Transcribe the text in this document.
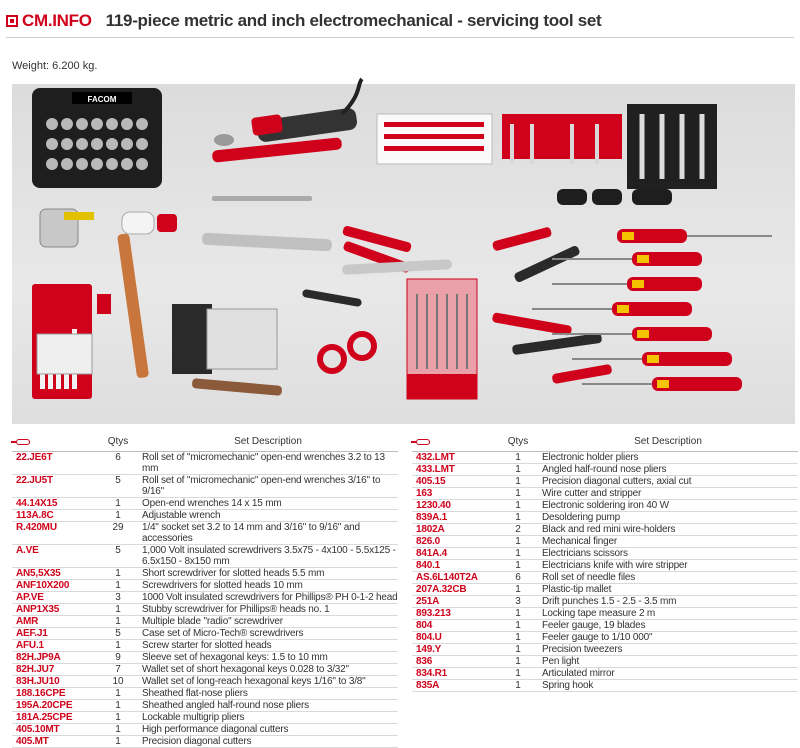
CM.INFO 119-piece metric and inch electromechanical - servicing tool set
Weight: 6.200 kg.
FACOM
Qtys	Set Description
22.JE6T	6	Roll set of "micromechanic" open-end wrenches 3.2 to 13 mm
22.JU5T	5	Roll set of "micromechanic" open-end wrenches 3/16" to 9/16"
44.14X15	1	Open-end wrenches 14 x 15 mm
113A.8C	1	Adjustable wrench
R.420MU	29	1/4" socket set 3.2 to 14 mm and 3/16" to 9/16" and accessories
A.VE	5	1,000 Volt insulated screwdrivers 3.5x75 - 4x100 - 5.5x125 - 6.5x150 - 8x150 mm
AN5,5X35	1	Short screwdriver for slotted heads 5.5 mm
ANF10X200	1	Screwdrivers for slotted heads 10 mm
AP.VE	3	1000 Volt insulated screwdrivers for Phillips® PH 0-1-2 head
ANP1X35	1	Stubby screwdriver for Phillips® heads no. 1
AMR	1	Multiple blade "radio" screwdriver
AEF.J1	5	Case set of Micro-Tech® screwdrivers
AFU.1	1	Screw starter for slotted heads
82H.JP9A	9	Sleeve set of hexagonal keys: 1.5 to 10 mm
82H.JU7	7	Wallet set of short hexagonal keys 0.028 to 3/32"
83H.JU10	10	Wallet set of long-reach hexagonal keys 1/16" to 3/8"
188.16CPE	1	Sheathed flat-nose pliers
195A.20CPE	1	Sheathed angled half-round nose pliers
181A.25CPE	1	Lockable multigrip pliers
405.10MT	1	High performance diagonal cutters
405.MT	1	Precision diagonal cutters
Qtys	Set Description
432.LMT	1	Electronic holder pliers
433.LMT	1	Angled half-round nose pliers
405.15	1	Precision diagonal cutters, axial cut
163	1	Wire cutter and stripper
1230.40	1	Electronic soldering iron 40 W
839A.1	1	Desoldering pump
1802A	2	Black and red mini wire-holders
826.0	1	Mechanical finger
841A.4	1	Electricians scissors
840.1	1	Electricians knife with wire stripper
AS.6L140T2A	6	Roll set of needle files
207A.32CB	1	Plastic-tip mallet
251A	3	Drift punches 1.5 - 2.5 - 3.5 mm
893.213	1	Locking tape measure 2 m
804	1	Feeler gauge, 19 blades
804.U	1	Feeler gauge to 1/10 000"
149.Y	1	Precision tweezers
836	1	Pen light
834.R1	1	Articulated mirror
835A	1	Spring hook
